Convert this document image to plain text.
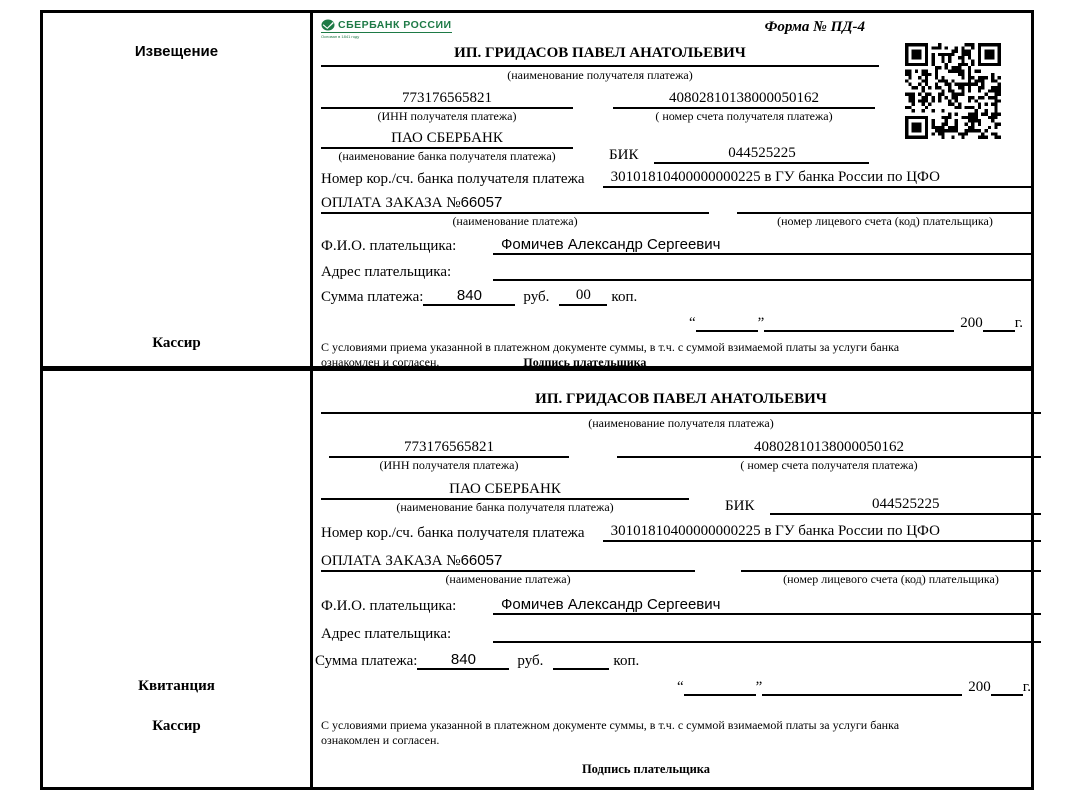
Извещение
Кассир
СБЕРБАНК РОССИИ
Основан в 1841 году
Форма № ПД-4
ИП. ГРИДАСОВ ПАВЕЛ АНАТОЛЬЕВИЧ
(наименование получателя платежа)
773176565821
(ИНН получателя платежа)
40802810138000050162
( номер счета получателя платежа)
ПАО СБЕРБАНК
(наименование банка получателя платежа)	БИК	044525225
Номер кор./сч. банка получателя платежа	30101810400000000225 в ГУ банка России по ЦФО
ОПЛАТА ЗАКАЗА №66057
(наименование платежа)	(номер лицевого счета (код) плательщика)
Ф.И.О. плательщика:	Фомичев Александр Сергеевич
Адрес плательщика:
Сумма платежа:	840	руб.	00	коп.
“	”	200 г.
С условиями приема указанной в платежном документе суммы, в т.ч. с суммой взимаемой платы за услуги банка
ознакомлен и согласен.	Подпись плательщика
Квитанция
Кассир
ИП. ГРИДАСОВ ПАВЕЛ АНАТОЛЬЕВИЧ
(наименование получателя платежа)
773176565821
(ИНН получателя платежа)
40802810138000050162
( номер счета получателя платежа)
ПАО СБЕРБАНК
(наименование банка получателя платежа)	БИК	044525225
Номер кор./сч. банка получателя платежа	30101810400000000225 в ГУ банка России по ЦФО
ОПЛАТА ЗАКАЗА №66057
(наименование платежа)	(номер лицевого счета (код) плательщика)
Ф.И.О. плательщика:	Фомичев Александр Сергеевич
Адрес плательщика:
Сумма платежа:	840	руб.	коп.
“	”	200 г.
С условиями приема указанной в платежном документе суммы, в т.ч. с суммой взимаемой платы за услуги банка
ознакомлен и согласен.
Подпись плательщика
